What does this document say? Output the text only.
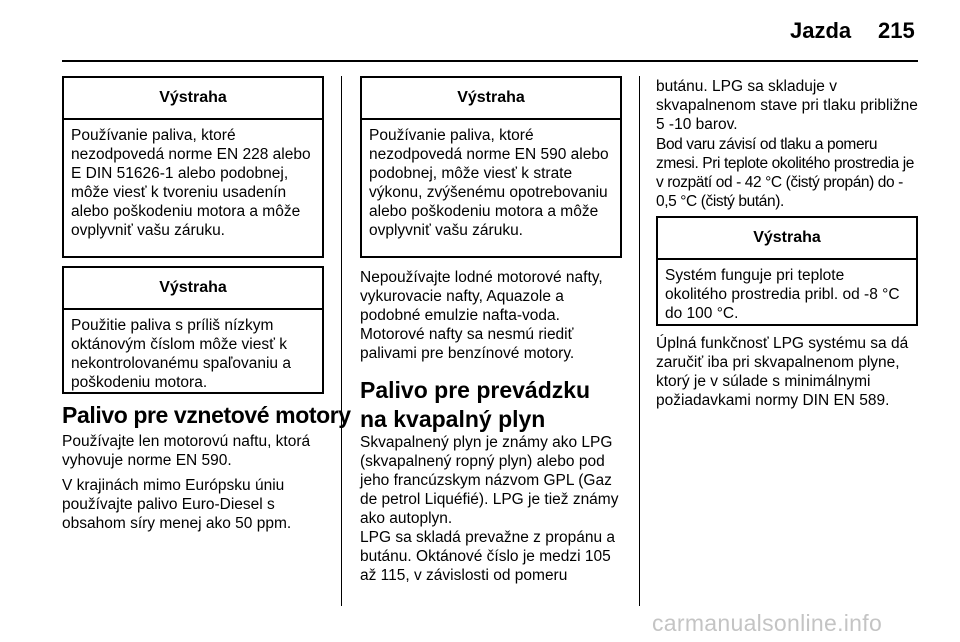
Jazda 215
Výstraha
Používanie paliva, ktoré nezodpovedá norme EN 228 alebo E DIN 51626-1 alebo podobnej, môže viesť k tvoreniu usadenín alebo poškodeniu motora a môže ovplyvniť vašu záruku.
Výstraha
Použitie paliva s príliš nízkym oktánovým číslom môže viesť k nekontrolovanému spaľovaniu a poškodeniu motora.
Palivo pre vznetové motory
Používajte len motorovú naftu, ktorá vyhovuje norme EN 590.
V krajinách mimo Európsku úniu používajte palivo Euro-Diesel s obsahom síry menej ako 50 ppm.
Výstraha
Používanie paliva, ktoré nezodpovedá norme EN 590 alebo podobnej, môže viesť k strate výkonu, zvýšenému opotrebovaniu alebo poškodeniu motora a môže ovplyvniť vašu záruku.
Nepoužívajte lodné motorové nafty, vykurovacie nafty, Aquazole a podobné emulzie nafta-voda. Motorové nafty sa nesmú riediť palivami pre benzínové motory.
Palivo pre prevádzku na kvapalný plyn
Skvapalnený plyn je známy ako LPG (skvapalnený ropný plyn) alebo pod jeho francúzskym názvom GPL (Gaz de petrol Liquéfié). LPG je tiež známy ako autoplyn.
LPG sa skladá prevažne z propánu a butánu. Oktánové číslo je medzi 105 až 115, v závislosti od pomeru
butánu. LPG sa skladuje v skvapalnenom stave pri tlaku približne 5 -10 barov.
Bod varu závisí od tlaku a pomeru zmesi. Pri teplote okolitého prostredia je v rozpätí od - 42 °C (čistý propán) do - 0,5 °C (čistý bután).
Výstraha
Systém funguje pri teplote okolitého prostredia pribl. od -8 °C do 100 °C.
Úplná funkčnosť LPG systému sa dá zaručiť iba pri skvapalnenom plyne, ktorý je v súlade s minimálnymi požiadavkami normy DIN EN 589.
carmanualsonline.info
